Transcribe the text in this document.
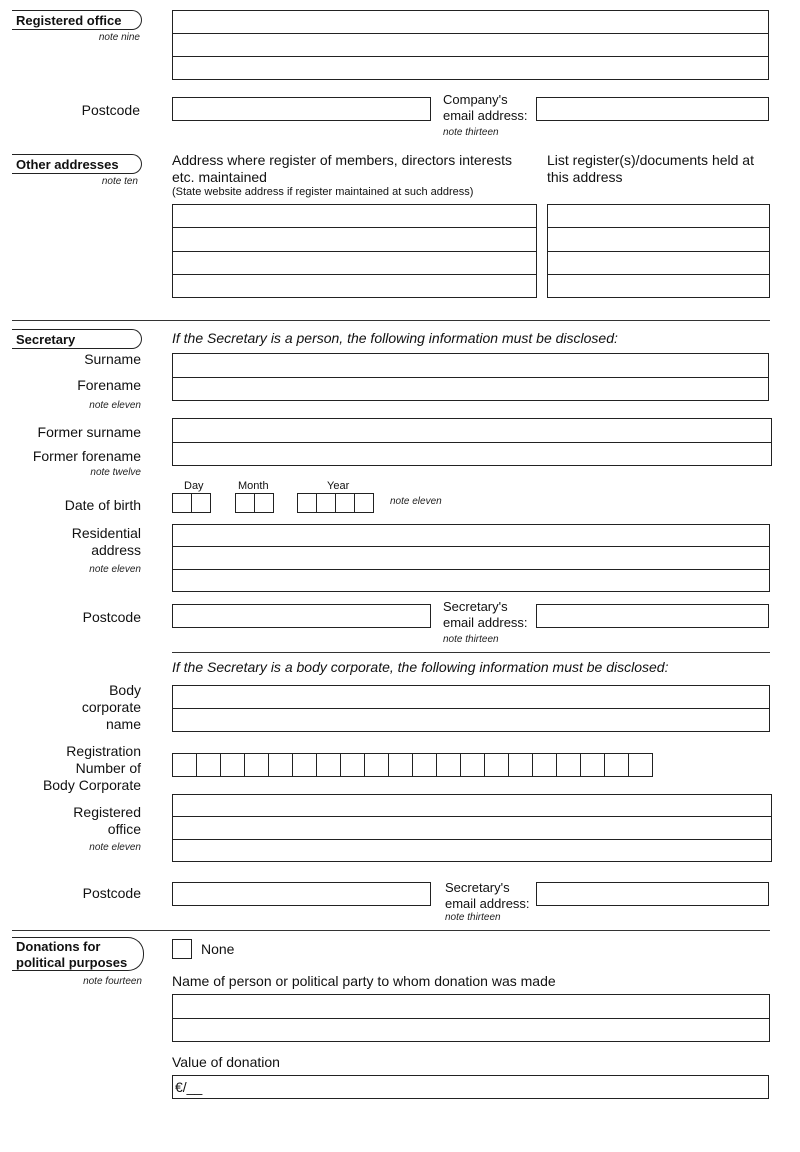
Registered office
note nine
Postcode
Company's
email address:
note thirteen
Other addresses
note ten
Address where register of members, directors interests
etc. maintained
(State website address if register maintained at such address)
List register(s)/documents held at
this address
Secretary	If the Secretary is a person, the following information must be disclosed:
Surname
Forename
note eleven
Former surname
Former forename
note twelve
Day	Month	Year
Date of birth	note eleven
Residential
address
note eleven
Postcode
Secretary's
email address:
note thirteen
If the Secretary is a body corporate, the following information must be disclosed:
Body
corporate
name
Registration
Number of
Body Corporate
Registered
office
note eleven
Postcode	Secretary's
email address:
note thirteen
Donations for
political purposes
note fourteen
None
Name of person or political party to whom donation was made
Value of donation
€/__
